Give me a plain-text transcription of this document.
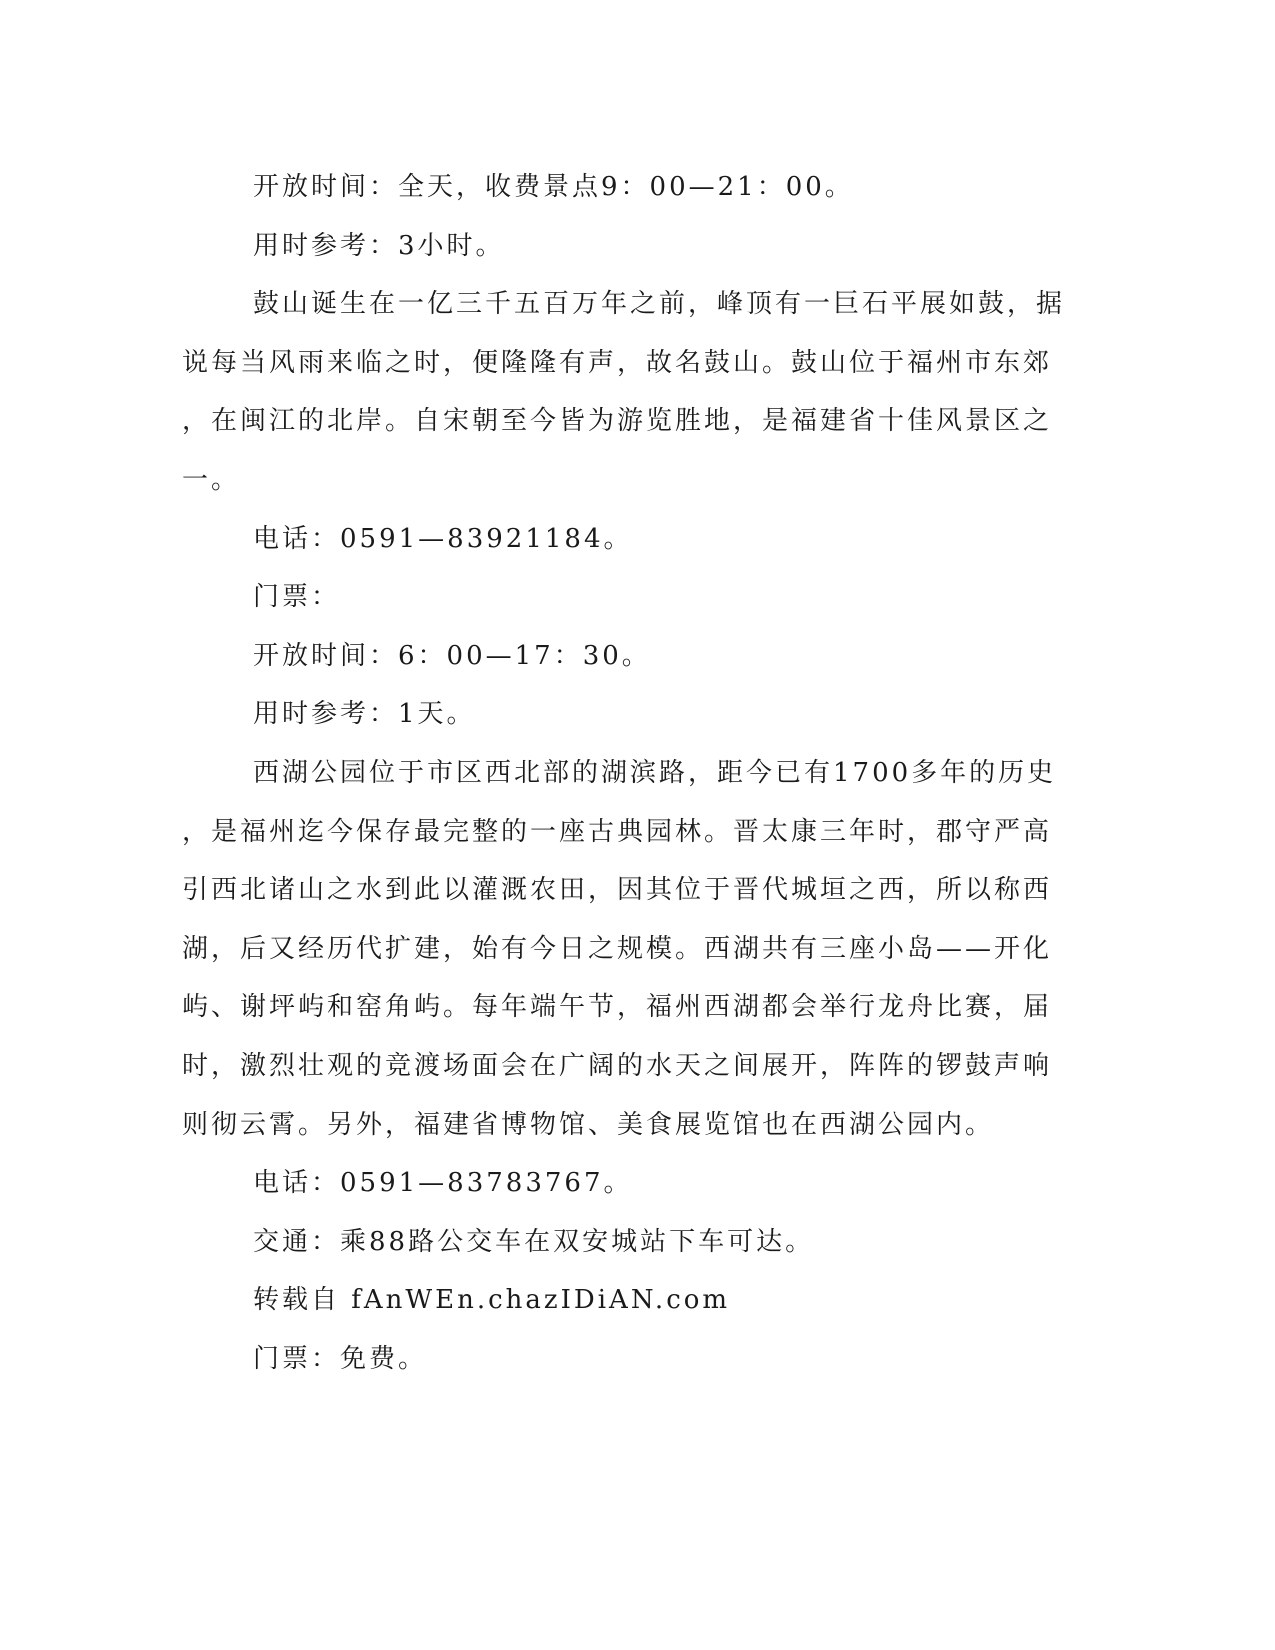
开放时间：全天，收费景点9：00—21：00。
用时参考：3小时。
鼓山诞生在一亿三千五百万年之前，峰顶有一巨石平展如鼓，据
说每当风雨来临之时，便隆隆有声，故名鼓山。鼓山位于福州市东郊
，在闽江的北岸。自宋朝至今皆为游览胜地，是福建省十佳风景区之
一。
电话：0591—83921184。
门票：
开放时间：6：00—17：30。
用时参考：1天。
西湖公园位于市区西北部的湖滨路，距今已有1700多年的历史
，是福州迄今保存最完整的一座古典园林。晋太康三年时，郡守严高
引西北诸山之水到此以灌溉农田，因其位于晋代城垣之西，所以称西
湖，后又经历代扩建，始有今日之规模。西湖共有三座小岛——开化
屿、谢坪屿和窑角屿。每年端午节，福州西湖都会举行龙舟比赛，届
时，激烈壮观的竞渡场面会在广阔的水天之间展开，阵阵的锣鼓声响
则彻云霄。另外，福建省博物馆、美食展览馆也在西湖公园内。
电话：0591—83783767。
交通：乘88路公交车在双安城站下车可达。
转载自 fAnWEn.chazIDiAN.com
门票：免费。
